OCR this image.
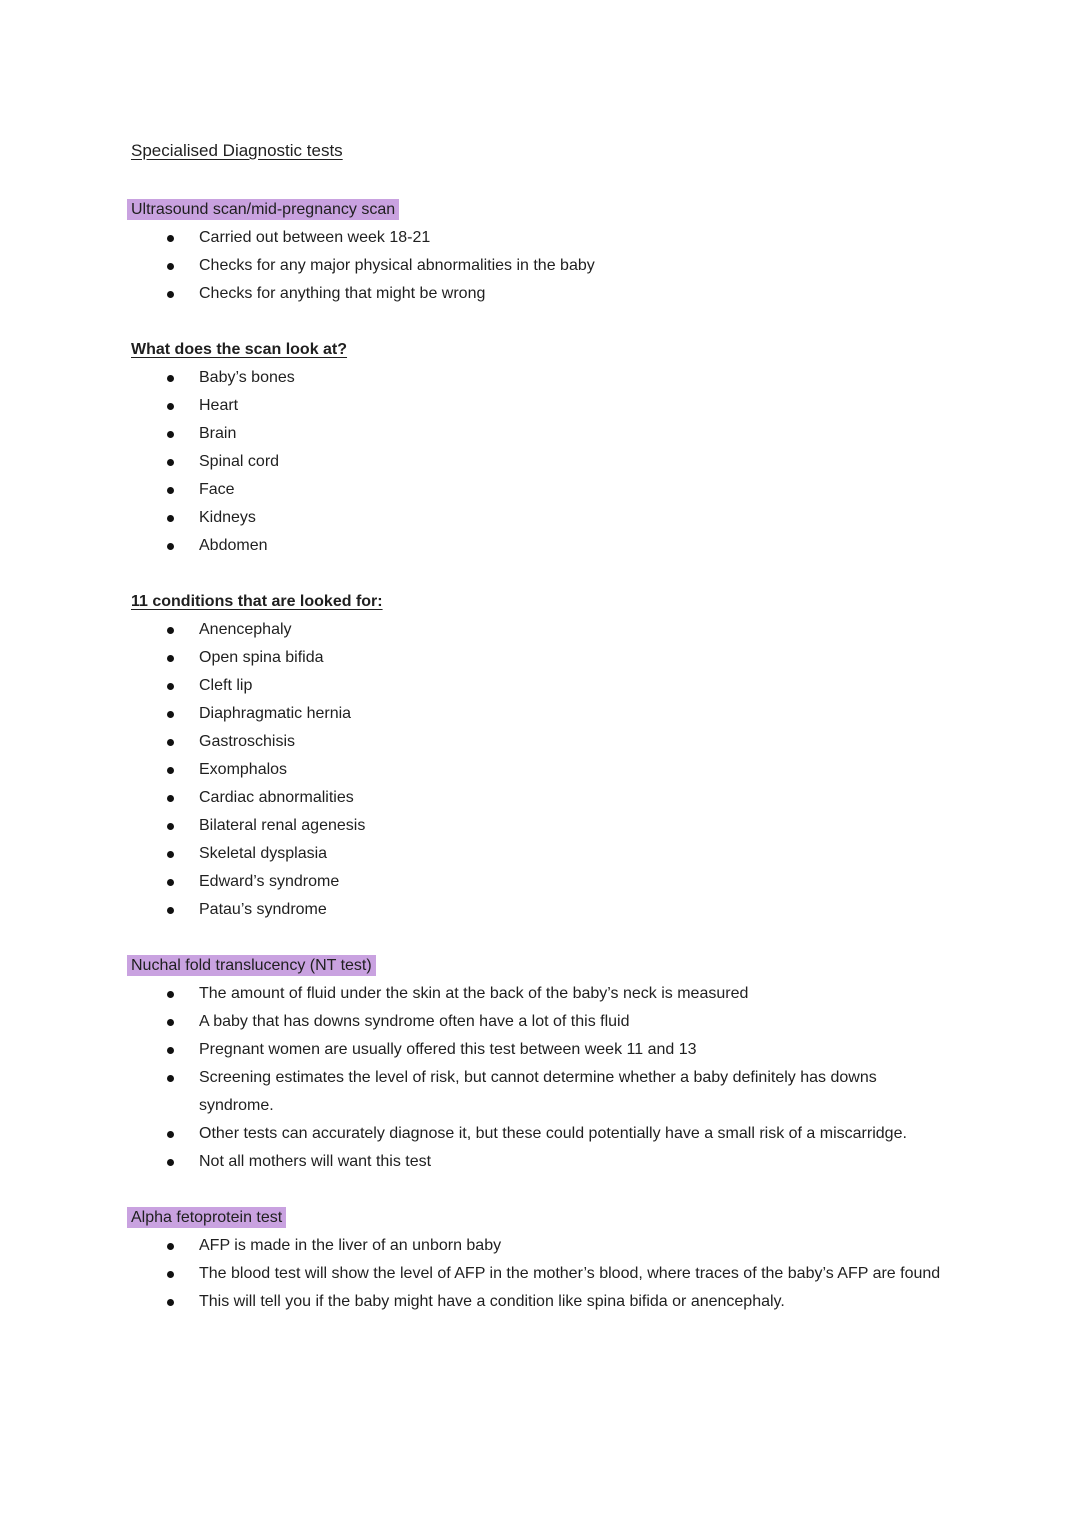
Specialised Diagnostic tests
Ultrasound scan/mid-pregnancy scan
Carried out between week 18-21
Checks for any major physical abnormalities in the baby
Checks for anything that might be wrong
What does the scan look at?
Baby’s bones
Heart
Brain
Spinal cord
Face
Kidneys
Abdomen
11 conditions that are looked for:
Anencephaly
Open spina bifida
Cleft lip
Diaphragmatic hernia
Gastroschisis
Exomphalos
Cardiac abnormalities
Bilateral renal agenesis
Skeletal dysplasia
Edward’s syndrome
Patau’s syndrome
Nuchal fold translucency (NT test)
The amount of fluid under the skin at the back of the baby’s neck is measured
A baby that has downs syndrome often have a lot of this fluid
Pregnant women are usually offered this test between week 11 and 13
Screening estimates the level of risk, but cannot determine whether a baby definitely has downs syndrome.
Other tests can accurately diagnose it, but these could potentially have a small risk of a miscarridge.
Not all mothers will want this test
Alpha fetoprotein test
AFP is made in the liver of an unborn baby
The blood test will show the level of AFP in the mother’s blood, where traces of the baby’s AFP are found
This will tell you if the baby might have a condition like spina bifida or anencephaly.
